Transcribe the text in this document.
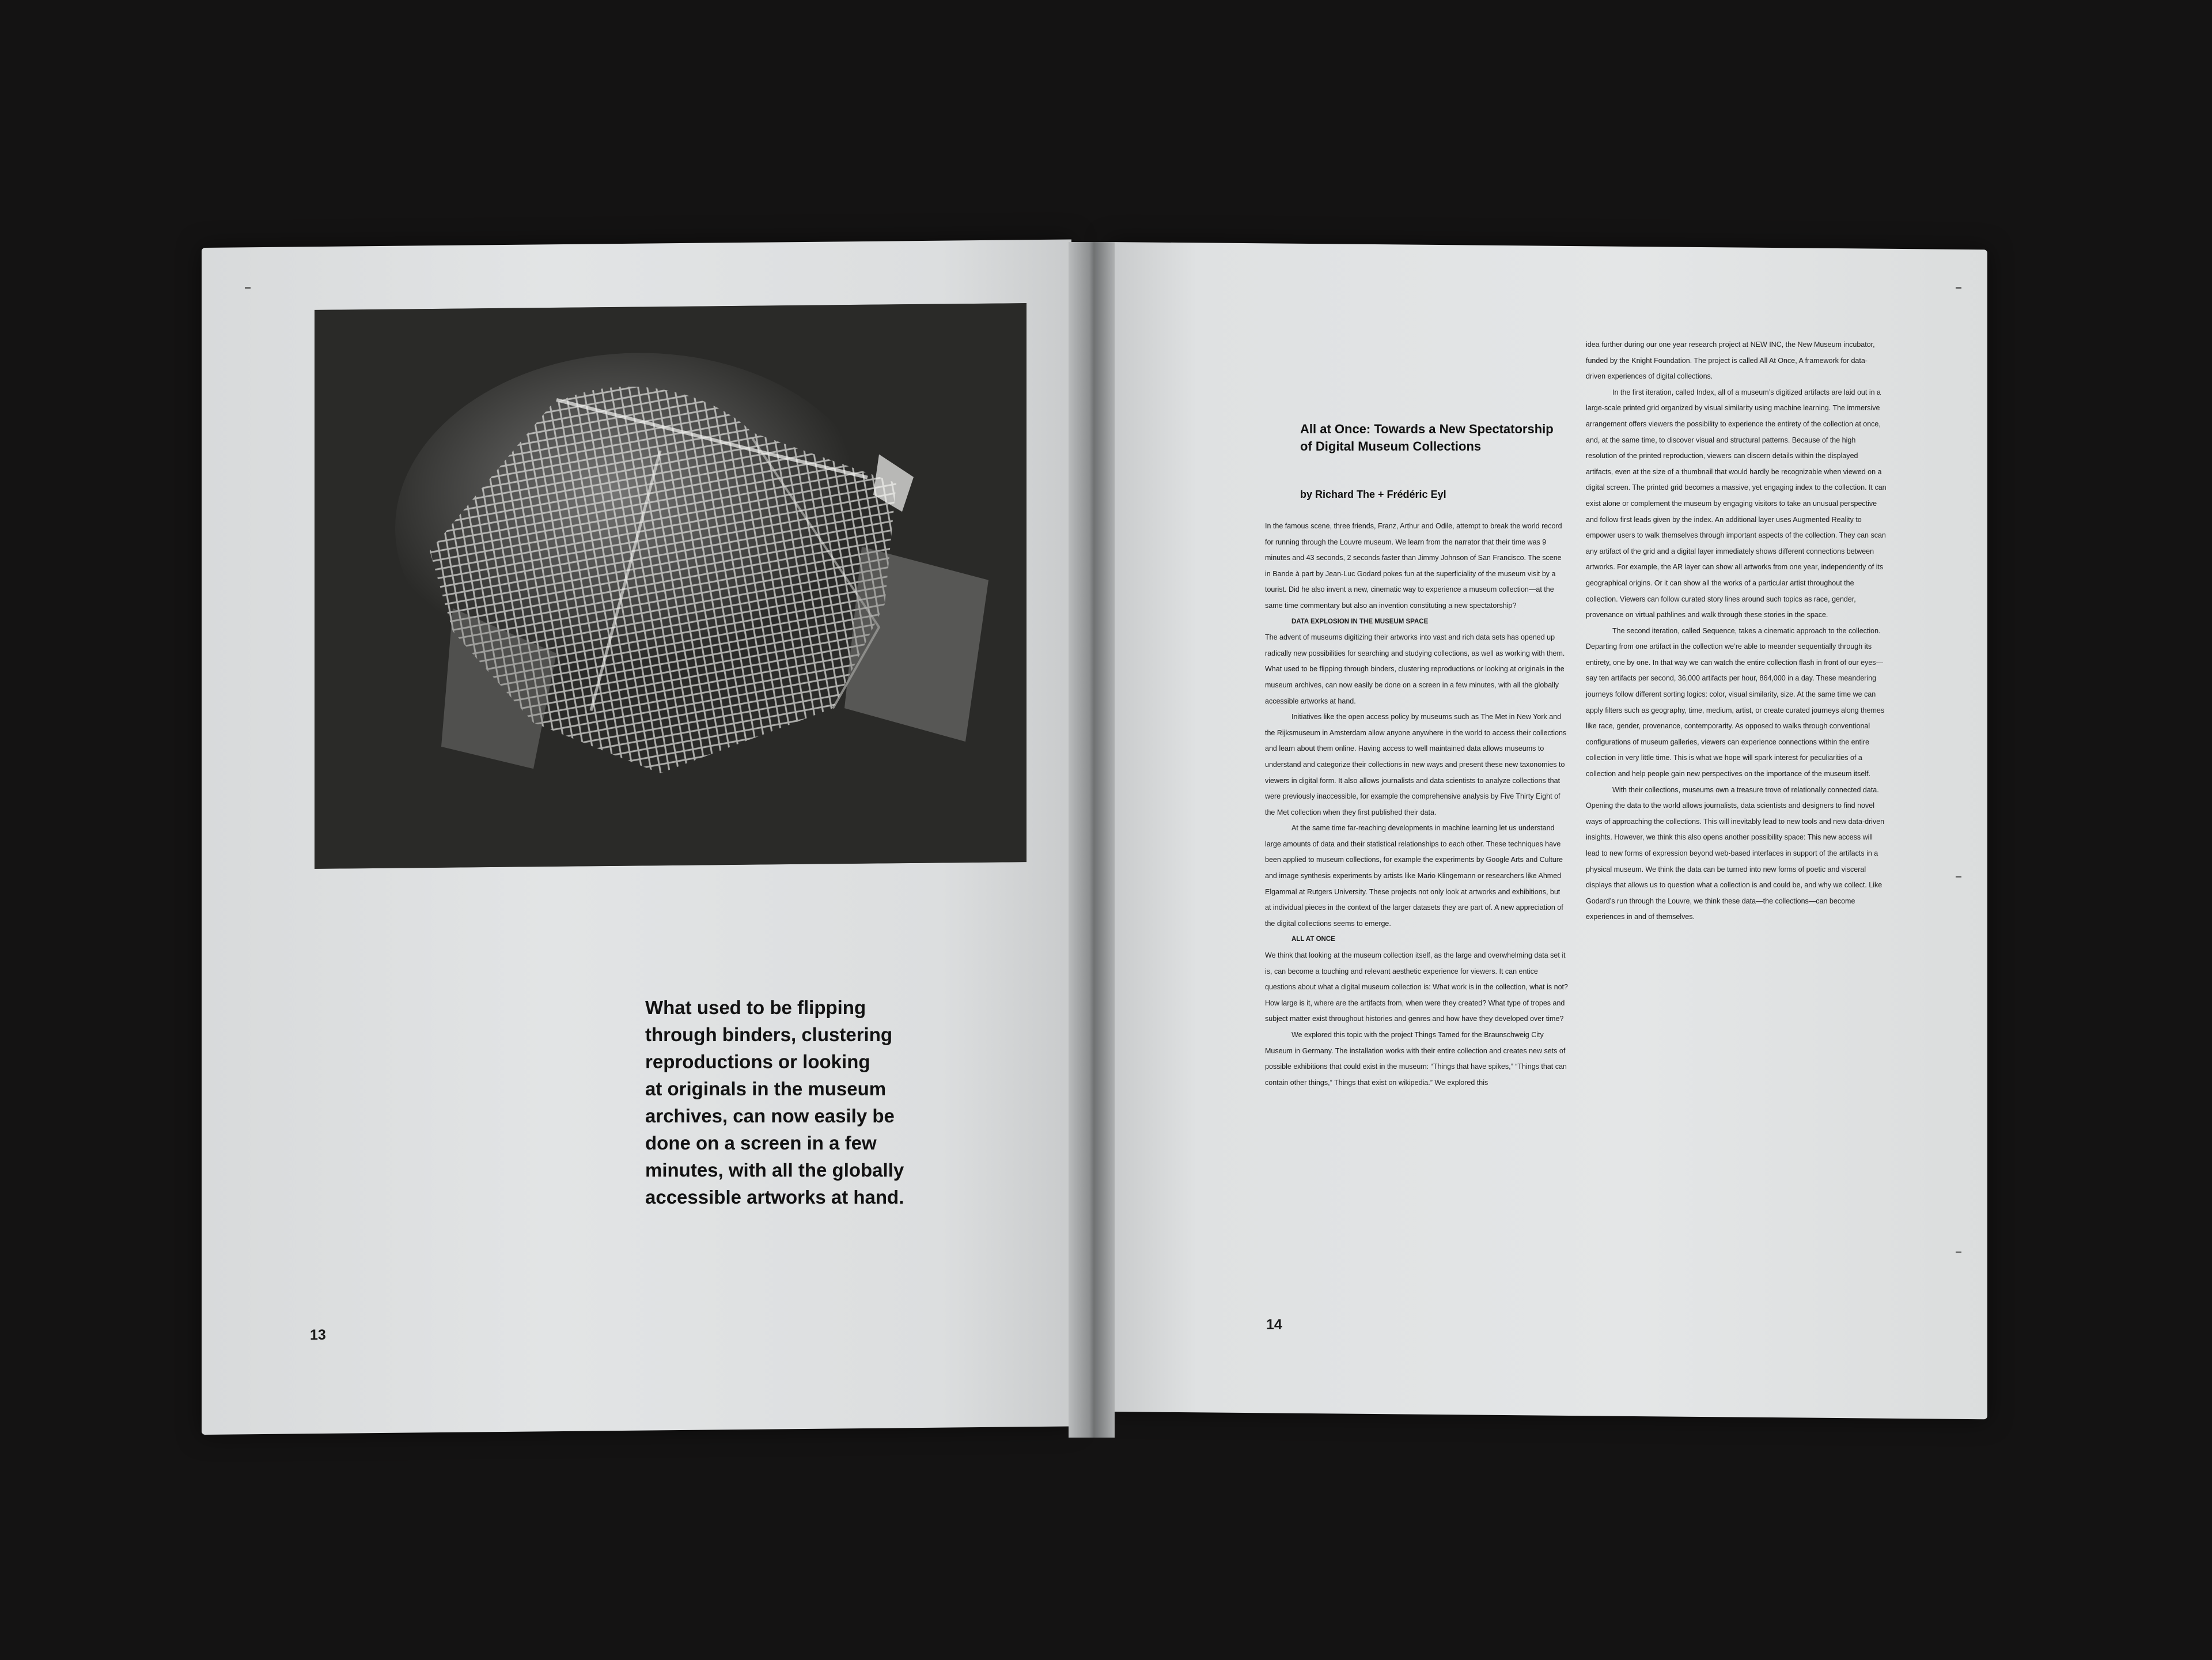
What used to be flipping
through binders, clustering
reproductions or looking
at originals in the museum
archives, can now easily be
done on a screen in a few
minutes, with all the globally
accessible artworks at hand.
13
All at Once: Towards a New Spectatorship of Digital Museum Collections
by Richard The + Frédéric Eyl

In the famous scene, three friends, Franz, Arthur and Odile, attempt to break the world record for running through the Louvre museum. We learn from the narrator that their time was 9 minutes and 43 seconds, 2 seconds faster than Jimmy Johnson of San Francisco. The scene in Bande à part by Jean-Luc Godard pokes fun at the superficiality of the museum visit by a tourist. Did he also invent a new, cinematic way to experience a museum collection—at the same time commentary but also an invention constituting a new spectatorship?

DATA EXPLOSION IN THE MUSEUM SPACE

The advent of museums digitizing their artworks into vast and rich data sets has opened up radically new possibilities for searching and studying collections, as well as working with them. What used to be flipping through binders, clustering reproductions or looking at originals in the museum archives, can now easily be done on a screen in a few minutes, with all the globally accessible artworks at hand.

Initiatives like the open access policy by museums such as The Met in New York and the Rijksmuseum in Amsterdam allow anyone anywhere in the world to access their collections and learn about them online. Having access to well maintained data allows museums to understand and categorize their collections in new ways and present these new taxonomies to viewers in digital form. It also allows journalists and data scientists to analyze collections that were previously inaccessible, for example the comprehensive analysis by Five Thirty Eight of the Met collection when they first published their data.

At the same time far-reaching developments in machine learning let us understand large amounts of data and their statistical relationships to each other. These techniques have been applied to museum collections, for example the experiments by Google Arts and Culture and image synthesis experiments by artists like Mario Klingemann or researchers like Ahmed Elgammal at Rutgers University. These projects not only look at artworks and exhibitions, but at individual pieces in the context of the larger datasets they are part of. A new appreciation of the digital collections seems to emerge.

ALL AT ONCE

We think that looking at the museum collection itself, as the large and overwhelming data set it is, can become a touching and relevant aesthetic experience for viewers. It can entice questions about what a digital museum collection is: What work is in the collection, what is not? How large is it, where are the artifacts from, when were they created? What type of tropes and subject matter exist throughout histories and genres and how have they developed over time?

We explored this topic with the project Things Tamed for the Braunschweig City Museum in Germany. The installation works with their entire collection and creates new sets of possible exhibitions that could exist in the museum: “Things that have spikes,” “Things that can contain other things,” Things that exist on wikipedia.” We explored this

idea further during our one year research project at NEW INC, the New Museum incubator, funded by the Knight Foundation. The project is called All At Once, A framework for data-driven experiences of digital collections.

In the first iteration, called Index, all of a museum’s digitized artifacts are laid out in a large-scale printed grid organized by visual similarity using machine learning. The immersive arrangement offers viewers the possibility to experience the entirety of the collection at once, and, at the same time, to discover visual and structural patterns. Because of the high resolution of the printed reproduction, viewers can discern details within the displayed artifacts, even at the size of a thumbnail that would hardly be recognizable when viewed on a digital screen. The printed grid becomes a massive, yet engaging index to the collection. It can exist alone or complement the museum by engaging visitors to take an unusual perspective and follow first leads given by the index. An additional layer uses Augmented Reality to empower users to walk themselves through important aspects of the collection. They can scan any artifact of the grid and a digital layer immediately shows different connections between artworks. For example, the AR layer can show all artworks from one year, independently of its geographical origins. Or it can show all the works of a particular artist throughout the collection. Viewers can follow curated story lines around such topics as race, gender, provenance on virtual pathlines and walk through these stories in the space.

The second iteration, called Sequence, takes a cinematic approach to the collection. Departing from one artifact in the collection we’re able to meander sequentially through its entirety, one by one. In that way we can watch the entire collection flash in front of our eyes—say ten artifacts per second, 36,000 artifacts per hour, 864,000 in a day. These meandering journeys follow different sorting logics: color, visual similarity, size. At the same time we can apply filters such as geography, time, medium, artist, or create curated journeys along themes like race, gender, provenance, contemporarity. As opposed to walks through conventional configurations of museum galleries, viewers can experience connections within the entire collection in very little time. This is what we hope will spark interest for peculiarities of a collection and help people gain new perspectives on the importance of the museum itself.

With their collections, museums own a treasure trove of relationally connected data. Opening the data to the world allows journalists, data scientists and designers to find novel ways of approaching the collections. This will inevitably lead to new tools and new data-driven insights. However, we think this also opens another possibility space: This new access will lead to new forms of expression beyond web-based interfaces in support of the artifacts in a physical museum. We think the data can be turned into new forms of poetic and visceral displays that allows us to question what a collection is and could be, and why we collect. Like Godard’s run through the Louvre, we think these data—the collections—can become experiences in and of themselves.

14
